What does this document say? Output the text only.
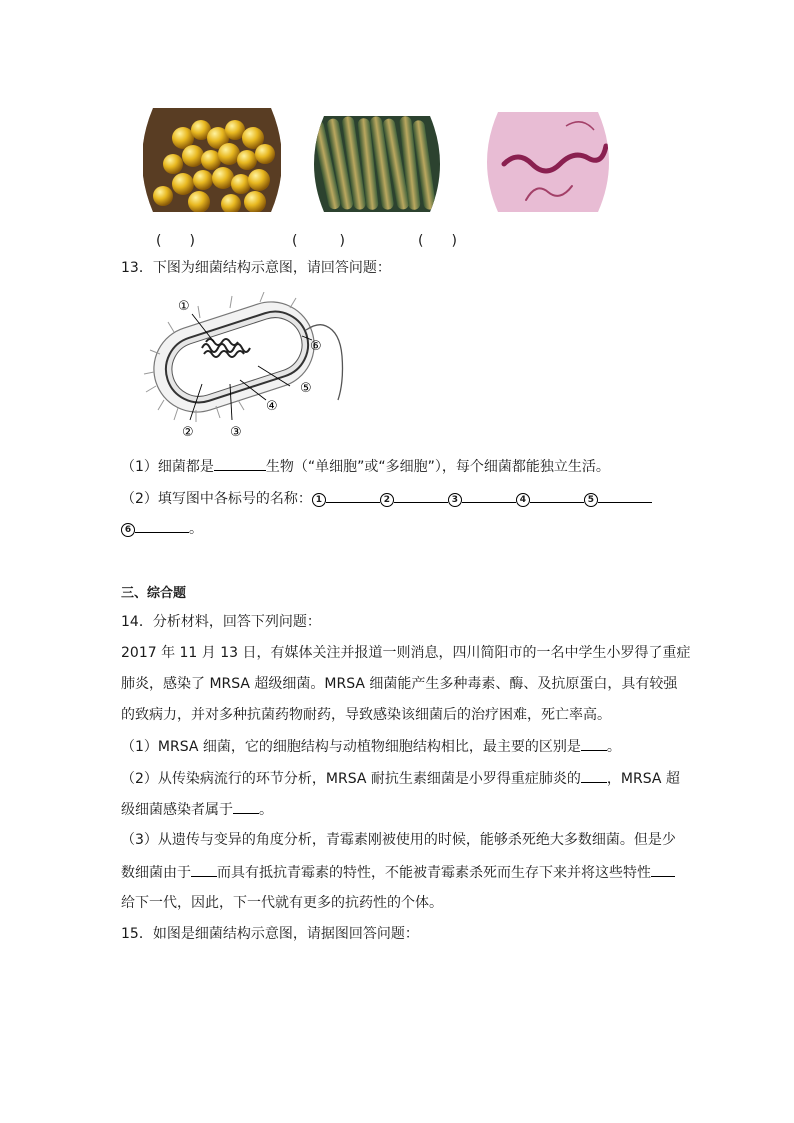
(　　)	(　　　)	(　　)
13．下图为细菌结构示意图，请回答问题：
①
⑥
⑤
④
③
②
（1）细菌都是	生物（“单细胞”或“多细胞”），每个细菌都能独立生活。
（2）填写图中各标号的名称： 1	2	3	4	5
6	。
三、综合题
14．分析材料，回答下列问题：
2017 年 11 月 13 日，有媒体关注并报道一则消息，四川简阳市的一名中学生小罗得了重症
肺炎，感染了 MRSA 超级细菌。MRSA 细菌能产生多种毒素、酶、及抗原蛋白，具有较强
的致病力，并对多种抗菌药物耐药，导致感染该细菌后的治疗困难，死亡率高。
（1）MRSA 细菌，它的细胞结构与动植物细胞结构相比，最主要的区别是 。
（2）从传染病流行的环节分析，MRSA 耐抗生素细菌是小罗得重症肺炎的 ，MRSA 超
级细菌感染者属于 。
（3）从遗传与变异的角度分析，青霉素刚被使用的时候，能够杀死绝大多数细菌。但是少
数细菌由于 而具有抵抗青霉素的特性，不能被青霉素杀死而生存下来并将这些特性
给下一代，因此，下一代就有更多的抗药性的个体。
15．如图是细菌结构示意图，请据图回答问题：
